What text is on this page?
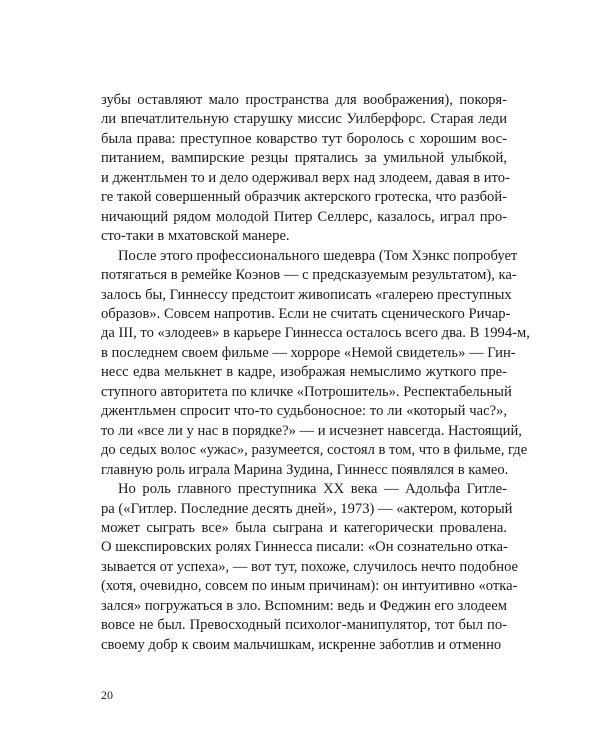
зубы оставляют мало пространства для воображения), покоря-
ли впечатлительную старушку миссис Уилберфорс. Старая леди
была права: преступное коварство тут боролось с хорошим вос-
питанием, вампирские резцы прятались за умильной улыбкой,
и джентльмен то и дело одерживал верх над злодеем, давая в ито-
ге такой совершенный образчик актерского гротеска, что разбой-
ничающий рядом молодой Питер Селлерс, казалось, играл про-
сто-таки в мхатовской манере.
После этого профессионального шедевра (Том Хэнкс попробует
потягаться в ремейке Коэнов — с предсказуемым результатом), ка-
залось бы, Гиннессу предстоит живописать «галерею преступных
образов». Совсем напротив. Если не считать сценического Ричар-
да III, то «злодеев» в карьере Гиннесса осталось всего два. В 1994-м,
в последнем своем фильме — хорроре «Немой свидетель» — Гин-
несс едва мелькнет в кадре, изображая немыслимо жуткого пре-
ступного авторитета по кличке «Потрошитель». Респектабельный
джентльмен спросит что-то судьбоносное: то ли «который час?»,
то ли «все ли у нас в порядке?» — и исчезнет навсегда. Настоящий,
до седых волос «ужас», разумеется, состоял в том, что в фильме, где
главную роль играла Марина Зудина, Гиннесс появлялся в камео.
Но роль главного преступника XX века — Адольфа Гитле-
ра («Гитлер. Последние десять дней», 1973) — «актером, который
может сыграть все» была сыграна и категорически провалена.
О шекспировских ролях Гиннесса писали: «Он сознательно отка-
зывается от успеха», — вот тут, похоже, случилось нечто подобное
(хотя, очевидно, совсем по иным причинам): он интуитивно «отка-
зался» погружаться в зло. Вспомним: ведь и Феджин его злодеем
вовсе не был. Превосходный психолог-манипулятор, тот был по-
своему добр к своим мальчишкам, искренне заботлив и отменно
20
